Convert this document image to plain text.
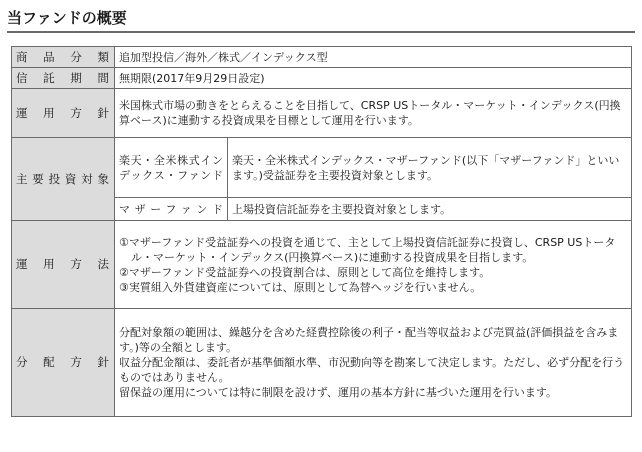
当ファンドの概要
商品分類	追加型投信／海外／株式／インデックス型	
信託期間	無期限(2017年9月29日設定)	
運用方針	米国株式市場の動きをとらえることを目指して、CRSP USトータル・マーケット・インデックス(円換算ベース)に連動する投資成果を目標として運用を行います。	
主要投資対象	楽天・全米株式インデックス・ファンド	楽天・全米株式インデックス・マザーファンド(以下「マザーファンド」といいます。)受益証券を主要投資対象とします。
	マザーファンド	上場投資信託証券を主要投資対象とします。
運用方法	①マザーファンド受益証券への投資を通じて、主として上場投資信託証券に投資し、CRSP USトータル・マーケット・インデックス(円換算ベース)に連動する投資成果を目指します。

②マザーファンド受益証券への投資割合は、原則として高位を維持します。

③実質組入外貨建資産については、原則として為替ヘッジを行いません。	

分配方針	分配対象額の範囲は、繰越分を含めた経費控除後の利子・配当等収益および売買益(評価損益を含みます。)等の全額とします。

収益分配金額は、委託者が基準価額水準、市況動向等を勘案して決定します。ただし、必ず分配を行うものではありません。

留保益の運用については特に制限を設けず、運用の基本方針に基づいた運用を行います。	
